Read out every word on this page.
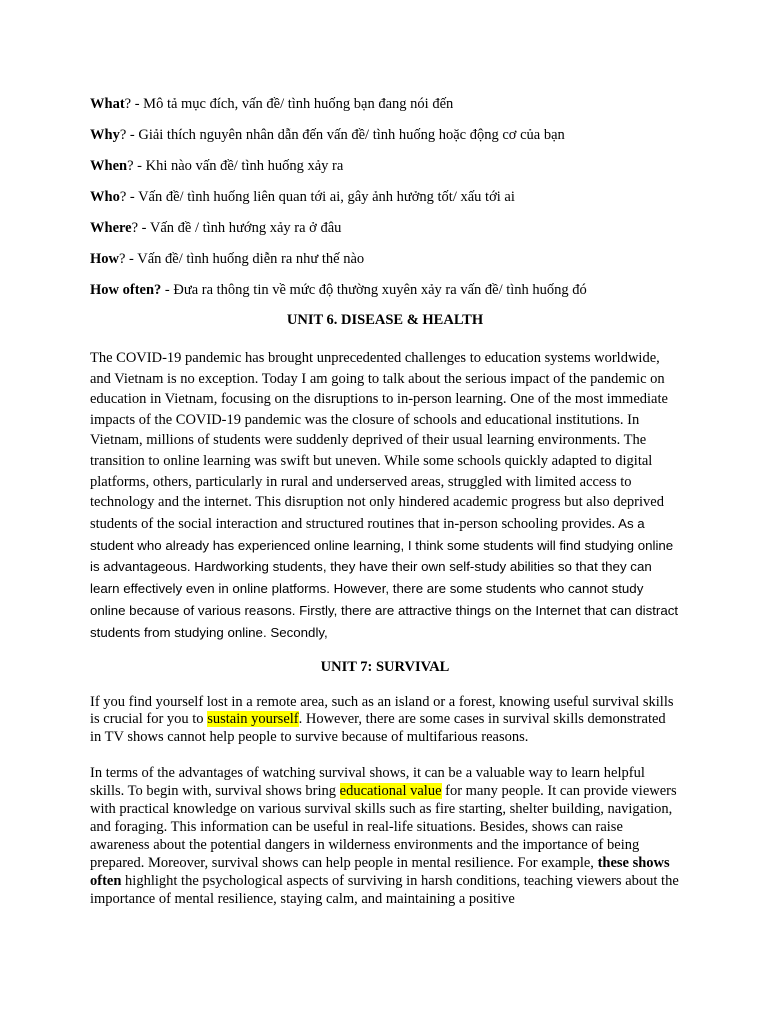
What? - Mô tả mục đích, vấn đề/ tình huống bạn đang nói đến

Why? - Giải thích nguyên nhân dẫn đến vấn đề/ tình huống hoặc động cơ của bạn

When? - Khi nào vấn đề/ tình huống xảy ra

Who? - Vấn đề/ tình huống liên quan tới ai, gây ảnh hưởng tốt/ xấu tới ai

Where? - Vấn đề / tình hướng xảy ra ở đâu

How? - Vấn đề/ tình huống diễn ra như thế nào

How often? - Đưa ra thông tin về mức độ thường xuyên xảy ra vấn đề/ tình huống đó

UNIT 6. DISEASE & HEALTH

The COVID-19 pandemic has brought unprecedented challenges to education systems worldwide, and Vietnam is no exception. Today I am going to talk about the serious impact of the pandemic on education in Vietnam, focusing on the disruptions to in-person learning. One of the most immediate impacts of the COVID-19 pandemic was the closure of schools and educational institutions. In Vietnam, millions of students were suddenly deprived of their usual learning environments. The transition to online learning was swift but uneven. While some schools quickly adapted to digital platforms, others, particularly in rural and underserved areas, struggled with limited access to technology and the internet. This disruption not only hindered academic progress but also deprived students of the social interaction and structured routines that in-person schooling provides. As a student who already has experienced online learning, I think some students will find studying online is advantageous. Hardworking students, they have their own self-study abilities so that they can learn effectively even in online platforms. However, there are some students who cannot study online because of various reasons. Firstly, there are attractive things on the Internet that can distract students from studying online. Secondly,

UNIT 7: SURVIVAL

If you find yourself lost in a remote area, such as an island or a forest, knowing useful survival skills is crucial for you to sustain yourself. However, there are some cases in survival skills demonstrated in TV shows cannot help people to survive because of multifarious reasons.

In terms of the advantages of watching survival shows, it can be a valuable way to learn helpful skills. To begin with, survival shows bring educational value for many people. It can provide viewers with practical knowledge on various survival skills such as fire starting, shelter building, navigation, and foraging. This information can be useful in real-life situations. Besides, shows can raise awareness about the potential dangers in wilderness environments and the importance of being prepared. Moreover, survival shows can help people in mental resilience. For example, these shows often highlight the psychological aspects of surviving in harsh conditions, teaching viewers about the importance of mental resilience, staying calm, and maintaining a positive
